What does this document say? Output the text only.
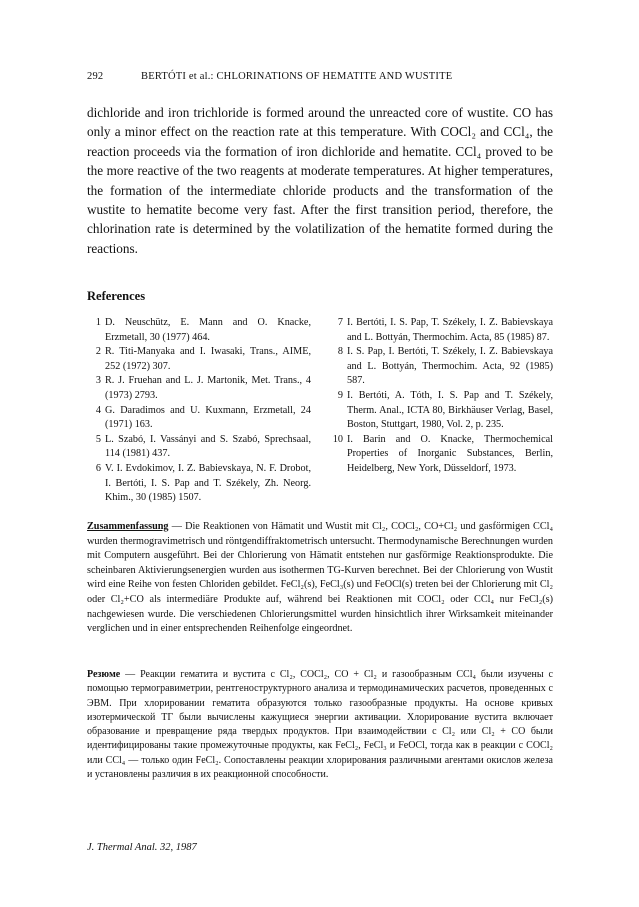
292	BERTÓTI et al.: CHLORINATIONS OF HEMATITE AND WUSTITE

dichloride and iron trichloride is formed around the unreacted core of wustite. CO has only a minor effect on the reaction rate at this temperature. With COCl₂ and CCl₄, the reaction proceeds via the formation of iron dichloride and hematite. CCl₄ proved to be the more reactive of the two reagents at moderate temperatures. At higher temperatures, the formation of the intermediate chloride products and the transformation of the wustite to hematite become very fast. After the first transition period, therefore, the chlorination rate is determined by the volatilization of the hematite formed during the reactions.

References
1 D. Neuschütz, E. Mann and O. Knacke, Erzmetall, 30 (1977) 464.
2 R. Titi-Manyaka and I. Iwasaki, Trans., AIME, 252 (1972) 307.
3 R. J. Fruehan and L. J. Martonik, Met. Trans., 4 (1973) 2793.
4 G. Daradimos and U. Kuxmann, Erzmetall, 24 (1971) 163.
5 L. Szabó, I. Vassányi and S. Szabó, Sprechsaal, 114 (1981) 437.
6 V. I. Evdokimov, I. Z. Babievskaya, N. F. Drobot, I. Bertóti, I. S. Pap and T. Székely, Zh. Neorg. Khim., 30 (1985) 1507.
7 I. Bertóti, I. S. Pap, T. Székely, I. Z. Babievskaya and L. Bottyán, Thermochim. Acta, 85 (1985) 87.
8 I. S. Pap, I. Bertóti, T. Székely, I. Z. Babievskaya and L. Bottyán, Thermochim. Acta, 92 (1985) 587.
9 I. Bertóti, A. Tóth, I. S. Pap and T. Székely, Therm. Anal., ICTA 80, Birkhäuser Verlag, Basel, Boston, Stuttgart, 1980, Vol. 2, p. 235.
10 I. Barin and O. Knacke, Thermochemical Properties of Inorganic Substances, Berlin, Heidelberg, New York, Düsseldorf, 1973.

Zusammenfassung — Die Reaktionen von Hämatit und Wustit mit Cl₂, COCl₂, CO+Cl₂ und gasförmigen CCl₄ wurden thermogravimetrisch und röntgendiffraktometrisch untersucht. Thermodynamische Berechnungen wurden mit Computern ausgeführt. Bei der Chlorierung von Hämatit entstehen nur gasförmige Reaktionsprodukte. Die scheinbaren Aktivierungsenergien wurden aus isothermen TG-Kurven berechnet. Bei der Chlorierung von Wustit wird eine Reihe von festen Chloriden gebildet. FeCl₂(s), FeCl₃(s) und FeOCl(s) treten bei der Chlorierung mit Cl₂ oder Cl₂+CO als intermediäre Produkte auf, während bei Reaktionen mit COCl₂ oder CCl₄ nur FeCl₂(s) nachgewiesen wurde. Die verschiedenen Chlorierungsmittel wurden hinsichtlich ihrer Wirksamkeit miteinander verglichen und in einer entsprechenden Reihenfolge eingeordnet.

Резюме — Реакции гематита и вустита с Cl₂, COCl₂, CO + Cl₂ и газообразным CCl₄ были изучены с помощью термогравиметрии, рентгеноструктурного анализа и термодинамических расчетов, проведенных с ЭВМ. При хлорировании гематита образуются только газообразные продукты. На основе кривых изотермической ТГ были вычислены кажущиеся энергии активации. Хлорирование вустита включает образование и превращение ряда твердых продуктов. При взаимодействии с Cl₂ или Cl₂ + CO были идентифицированы такие промежуточные продукты, как FeCl₂, FeCl₃ и FeOCl, тогда как в реакции с COCl₂ или CCl₄ — только один FeCl₂. Сопоставлены реакции хлорирования различными агентами окислов железа и установлены различия в их реакционной способности.

J. Thermal Anal. 32, 1987
